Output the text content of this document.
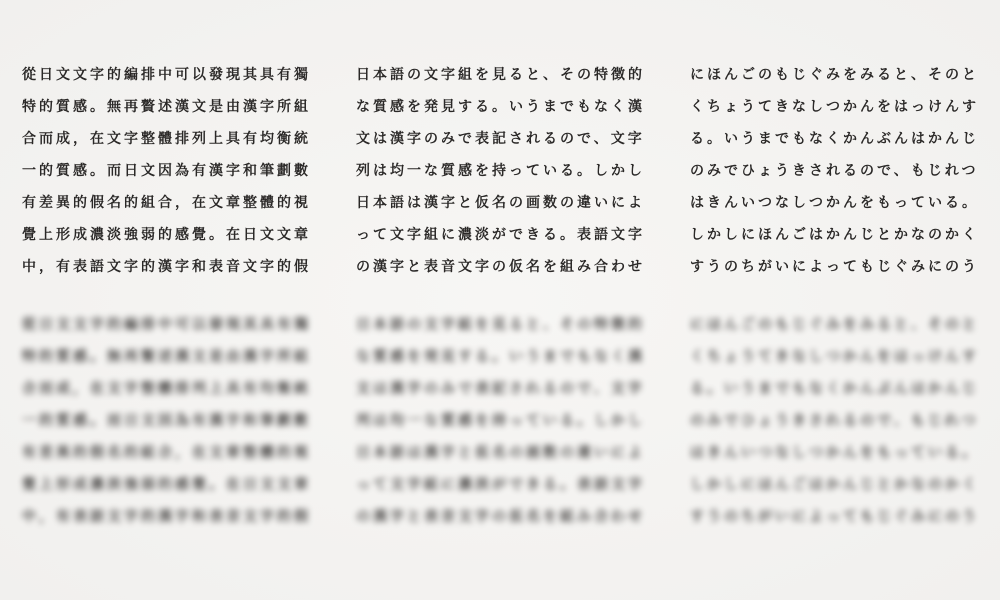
從日文文字的編排中可以發現其具有獨
特的質感。無再贅述漢文是由漢字所組
合而成，在文字整體排列上具有均衡統
一的質感。而日文因為有漢字和筆劃數
有差異的假名的組合，在文章整體的視
覺上形成濃淡強弱的感覺。在日文文章
中，有表語文字的漢字和表音文字的假
日本語の文字組を見ると、その特徴的
な質感を発見する。いうまでもなく漢
文は漢字のみで表記されるので、文字
列は均一な質感を持っている。しかし
日本語は漢字と仮名の画数の違いによ
って文字組に濃淡ができる。表語文字
の漢字と表音文字の仮名を組み合わせ
にほんごのもじぐみをみると、そのと
くちょうてきなしつかんをはっけんす
る。いうまでもなくかんぶんはかんじ
のみでひょうきされるので、もじれつ
はきんいつなしつかんをもっている。
しかしにほんごはかんじとかなのかく
すうのちがいによってもじぐみにのう
從日文文字的編排中可以發現其具有獨
特的質感。無再贅述漢文是由漢字所組
合而成，在文字整體排列上具有均衡統
一的質感。而日文因為有漢字和筆劃數
有差異的假名的組合，在文章整體的視
覺上形成濃淡強弱的感覺。在日文文章
中，有表語文字的漢字和表音文字的假
日本語の文字組を見ると、その特徴的
な質感を発見する。いうまでもなく漢
文は漢字のみで表記されるので、文字
列は均一な質感を持っている。しかし
日本語は漢字と仮名の画数の違いによ
って文字組に濃淡ができる。表語文字
の漢字と表音文字の仮名を組み合わせ
にほんごのもじぐみをみると、そのと
くちょうてきなしつかんをはっけんす
る。いうまでもなくかんぶんはかんじ
のみでひょうきされるので、もじれつ
はきんいつなしつかんをもっている。
しかしにほんごはかんじとかなのかく
すうのちがいによってもじぐみにのう
